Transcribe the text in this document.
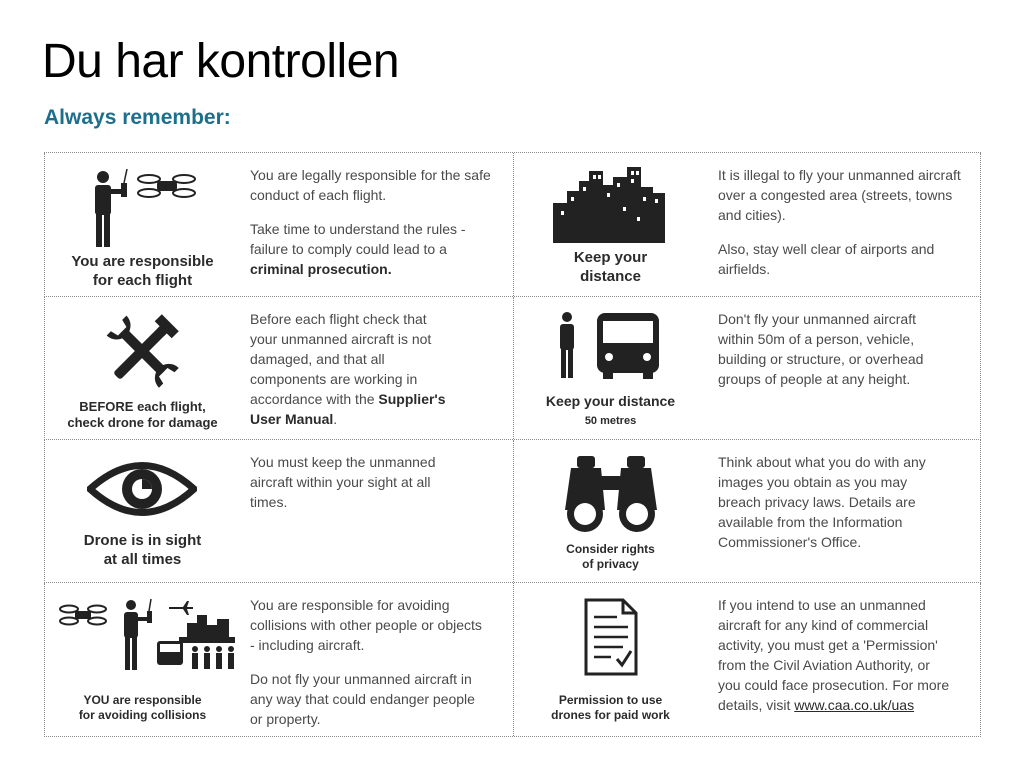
Du har kontrollen
Always remember:
You are responsible
for each flight

You are legally responsible for the safe conduct of each flight.

Take time to understand the rules - failure to comply could lead to a criminal prosecution.

Keep your
distance

It is illegal to fly your unmanned aircraft over a congested area (streets, towns and cities).

Also, stay well clear of airports and airfields.

BEFORE each flight,
check drone for damage

Before each flight check that your unmanned aircraft is not damaged, and that all components are working in accordance with the Supplier's User Manual.

Keep your distance
50 metres

Don't fly your unmanned aircraft within 50m of a person, vehicle, building or structure, or overhead groups of people at any height.

Drone is in sight
at all times

You must keep the unmanned aircraft within your sight at all times.

Consider rights
of privacy

Think about what you do with any images you obtain as you may breach privacy laws. Details are available from the Information Commissioner's Office.

YOU are responsible
for avoiding collisions

You are responsible for avoiding collisions with other people or objects - including aircraft.

Do not fly your unmanned aircraft in any way that could endanger people or property.

Permission to use
drones for paid work

If you intend to use an unmanned aircraft for any kind of commercial activity, you must get a 'Permission' from the Civil Aviation Authority, or you could face prosecution. For more details, visit www.caa.co.uk/uas
